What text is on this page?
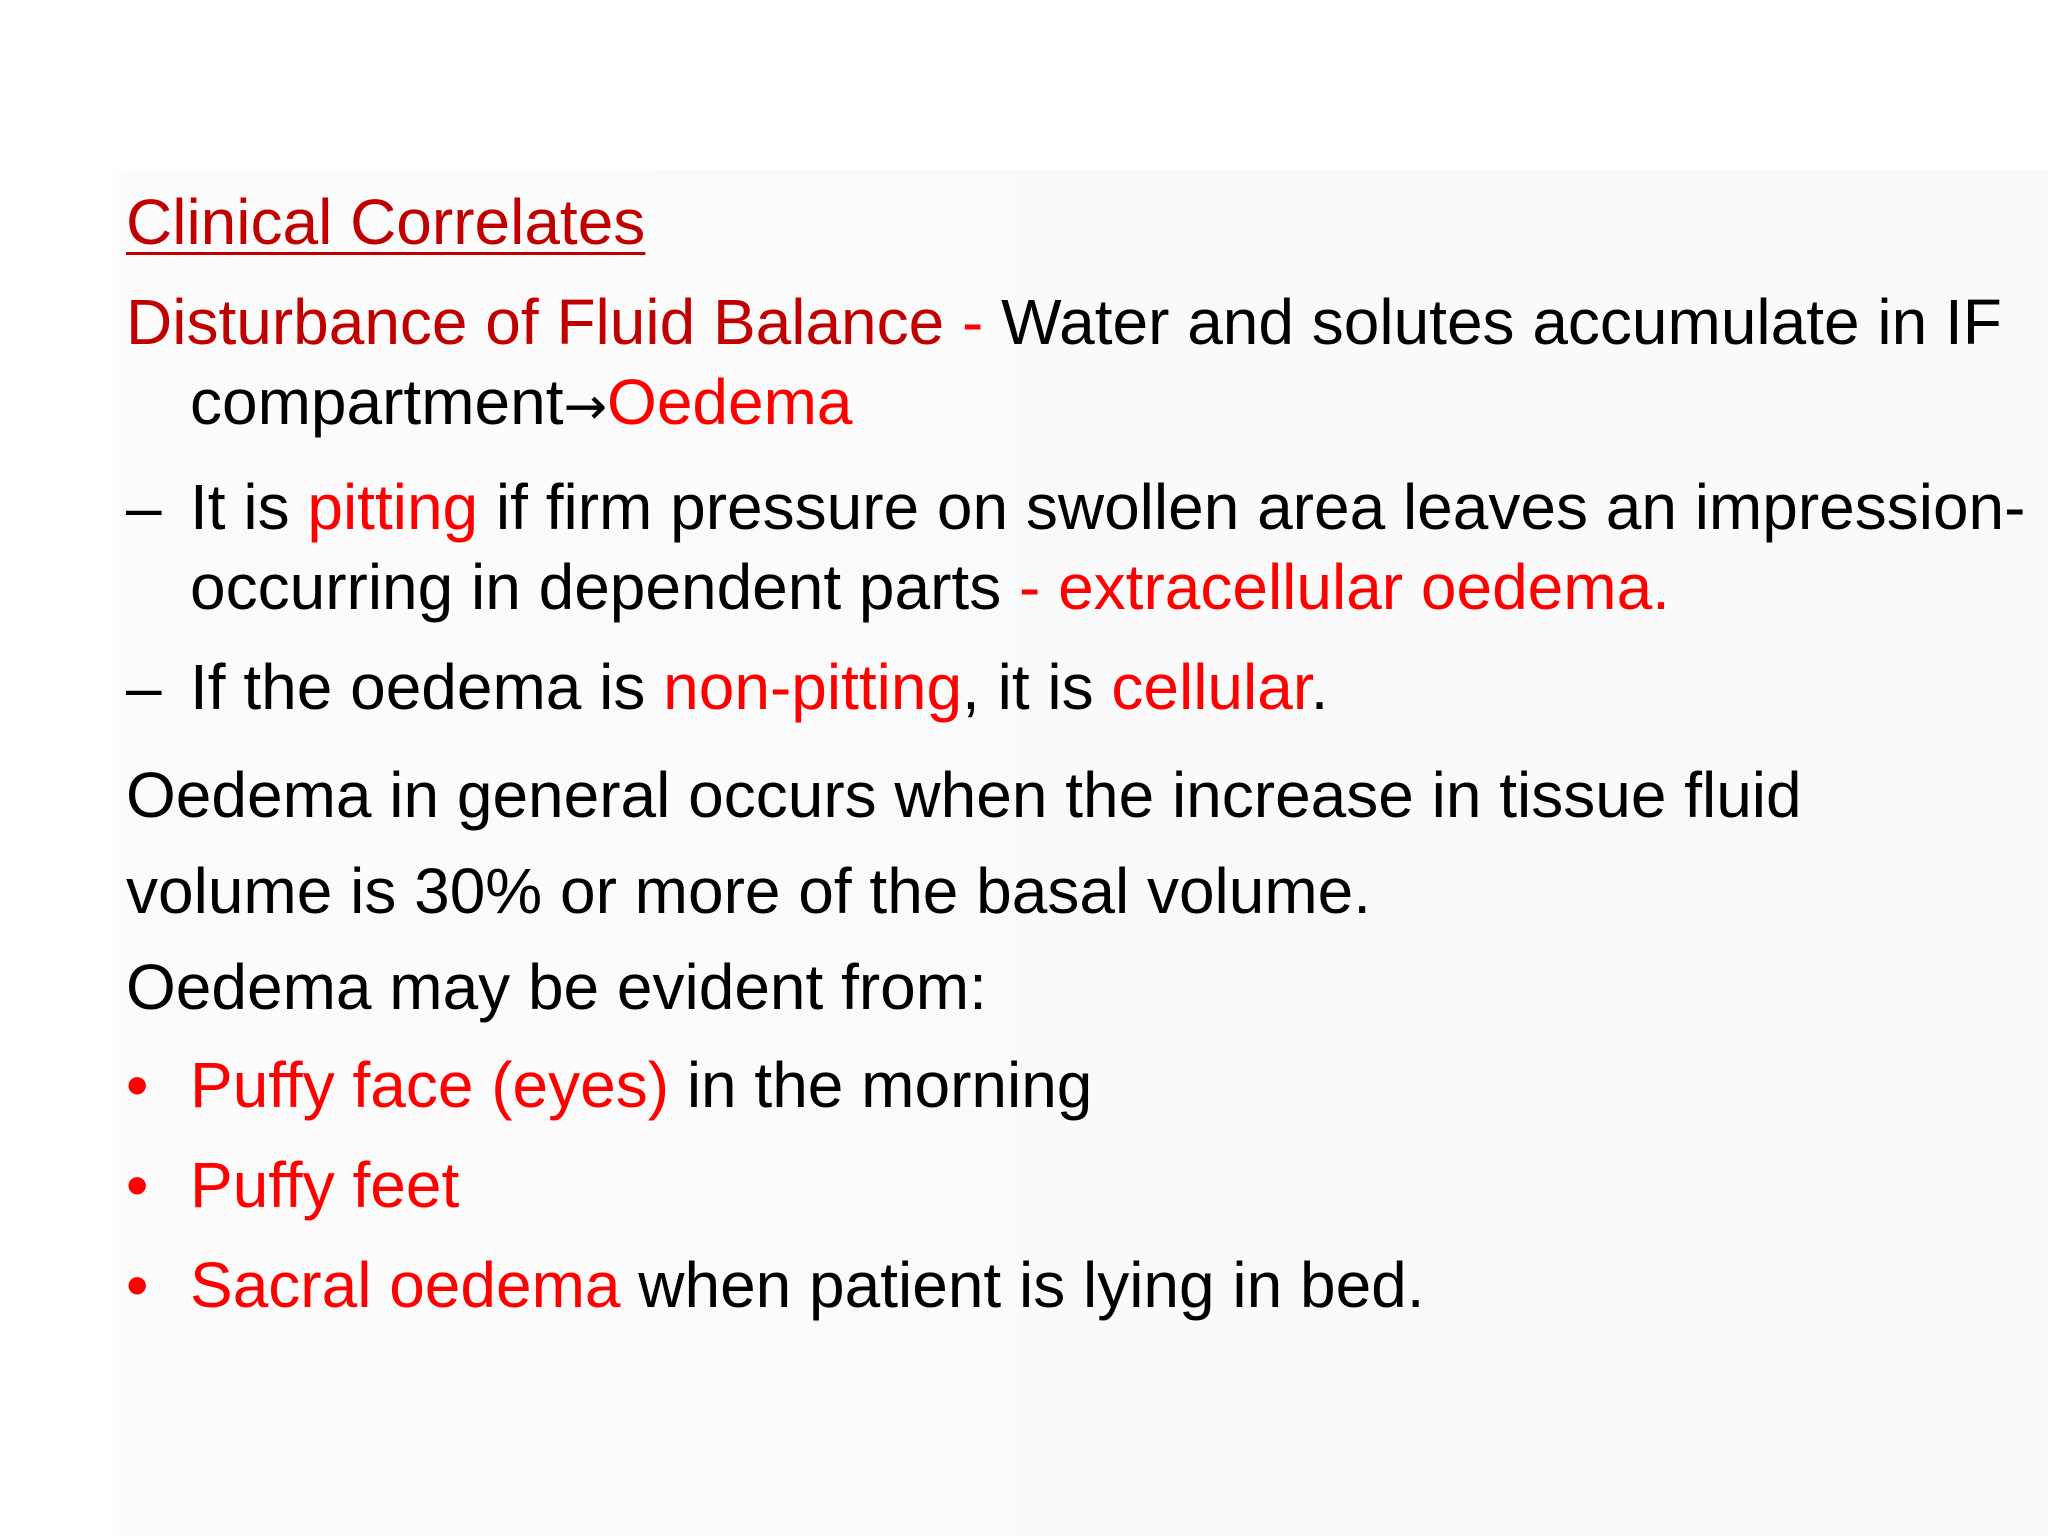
Clinical Correlates

Disturbance of Fluid Balance - Water and solutes accumulate in IF compartment→Oedema

– It is pitting if firm pressure on swollen area leaves an impression- occurring in dependent parts - extracellular oedema.
– If the oedema is non-pitting, it is cellular.
Oedema in general occurs when the increase in tissue fluid
volume is 30% or more of the basal volume.
Oedema may be evident from:
• Puffy face (eyes) in the morning
• Puffy feet
• Sacral oedema when patient is lying in bed.
